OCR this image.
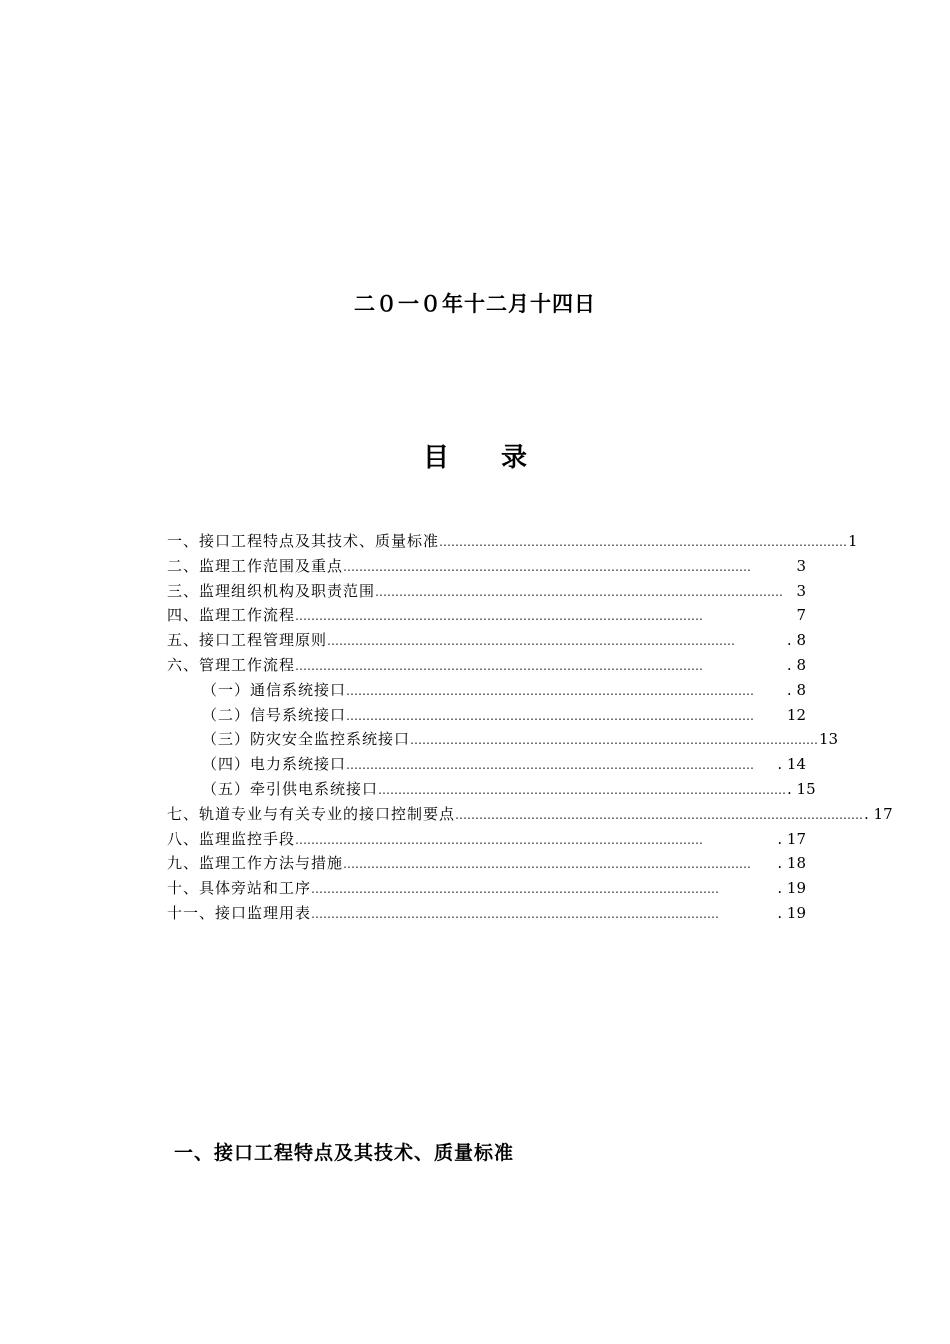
二０一０年十二月十四日
目 录
一、接口工程特点及其技术、质量标准 ………………………………………………………………………………………… 1
二、监理工作范围及重点 …………………………………………………………………………………………	3
三、监理组织机构及职责范围 ………………………………………………………………………………………… 3
四、监理工作流程 …………………………………………………………………………………………	7
五、接口工程管理原则 …………………………………………………………………………………………	. 8
六、管理工作流程 …………………………………………………………………………………………	. 8
（一）通信系统接口 …………………………………………………………………………………………	. 8
（二）信号系统接口 …………………………………………………………………………………………	12
（三）防灾安全监控系统接口 ………………………………………………………………………………………… 13
（四）电力系统接口 …………………………………………………………………………………………	. 14
（五）牵引供电系统接口 ………………………………………………………………………………………… . 15
七、轨道专业与有关专业的接口控制要点 ………………………………………………………………………………………… . 17
八、监理监控手段 …………………………………………………………………………………………	. 17
九、监理工作方法与措施 …………………………………………………………………………………………	. 18
十、具体旁站和工序 …………………………………………………………………………………………	. 19
十一、接口监理用表 …………………………………………………………………………………………	. 19
一、接口工程特点及其技术、质量标准
